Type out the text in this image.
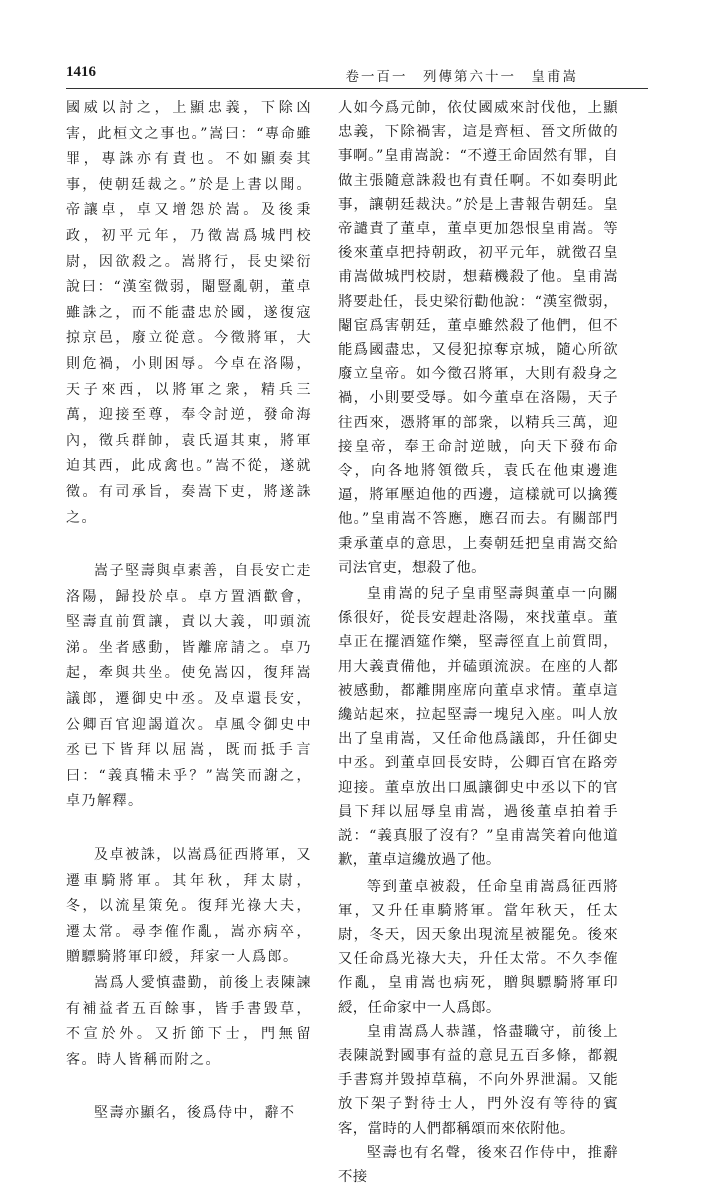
1416	卷一百一　列傳第六十一　皇甫嵩

國威以討之，上顯忠義，下除凶害，此桓文之事也。”嵩曰：“專命雖罪，專誅亦有責也。不如顯奏其事，使朝廷裁之。”於是上書以聞。帝讓卓，卓又增怨於嵩。及後秉政，初平元年，乃徵嵩爲城門校尉，因欲殺之。嵩將行，長史梁衍說曰：“漢室微弱，閹豎亂朝，董卓雖誅之，而不能盡忠於國，遂復寇掠京邑，廢立從意。今徵將軍，大則危禍，小則困辱。今卓在洛陽，天子來西，以將軍之衆，精兵三萬，迎接至尊，奉令討逆，發命海內，徵兵群帥，袁氏逼其東，將軍迫其西，此成禽也。”嵩不從，遂就徵。有司承旨，奏嵩下吏，將遂誅之。

嵩子堅壽與卓素善，自長安亡走洛陽，歸投於卓。卓方置酒歡會，堅壽直前質讓，責以大義，叩頭流涕。坐者感動，皆離席請之。卓乃起，牽與共坐。使免嵩囚，復拜嵩議郎，遷御史中丞。及卓還長安，公卿百官迎謁道次。卓風令御史中丞已下皆拜以屈嵩，既而抵手言曰：“義真犕未乎？”嵩笑而謝之，卓乃解釋。

及卓被誅，以嵩爲征西將軍，又遷車騎將軍。其年秋，拜太尉，冬，以流星策免。復拜光祿大夫，遷太常。尋李傕作亂，嵩亦病卒，贈驃騎將軍印綬，拜家一人爲郎。

嵩爲人愛慎盡勤，前後上表陳諫有補益者五百餘事，皆手書毀草，不宣於外。又折節下士，門無留客。時人皆稱而附之。

堅壽亦顯名，後爲侍中，辭不

人如今爲元帥，依仗國威來討伐他，上顯忠義，下除禍害，這是齊桓、晉文所做的事啊。”皇甫嵩說：“不遵王命固然有罪，自做主張隨意誅殺也有責任啊。不如奏明此事，讓朝廷裁決。”於是上書報告朝廷。皇帝譴責了董卓，董卓更加怨恨皇甫嵩。等後來董卓把持朝政，初平元年，就徵召皇甫嵩做城門校尉，想藉機殺了他。皇甫嵩將要赴任，長史梁衍勸他說：“漢室微弱，閹宦爲害朝廷，董卓雖然殺了他們，但不能爲國盡忠，又侵犯掠奪京城，隨心所欲廢立皇帝。如今徵召將軍，大則有殺身之禍，小則要受辱。如今董卓在洛陽，天子往西來，憑將軍的部衆，以精兵三萬，迎接皇帝，奉王命討逆賊，向天下發布命令，向各地將領徵兵，袁氏在他東邊進逼，將軍壓迫他的西邊，這樣就可以擒獲他。”皇甫嵩不答應，應召而去。有關部門秉承董卓的意思，上奏朝廷把皇甫嵩交給司法官吏，想殺了他。

皇甫嵩的兒子皇甫堅壽與董卓一向關係很好，從長安趕赴洛陽，來找董卓。董卓正在擺酒筵作樂，堅壽徑直上前質問，用大義責備他，并磕頭流淚。在座的人都被感動，都離開座席向董卓求情。董卓這纔站起來，拉起堅壽一塊兒入座。叫人放出了皇甫嵩，又任命他爲議郎，升任御史中丞。到董卓回長安時，公卿百官在路旁迎接。董卓放出口風讓御史中丞以下的官員下拜以屈辱皇甫嵩，過後董卓拍着手説：“義真服了沒有？”皇甫嵩笑着向他道歉，董卓這纔放過了他。

等到董卓被殺，任命皇甫嵩爲征西將軍，又升任車騎將軍。當年秋天，任太尉，冬天，因天象出現流星被罷免。後來又任命爲光祿大夫，升任太常。不久李傕作亂，皇甫嵩也病死，贈與驃騎將軍印綬，任命家中一人爲郎。

皇甫嵩爲人恭謹，恪盡職守，前後上表陳説對國事有益的意見五百多條，都親手書寫并毀掉草稿，不向外界泄漏。又能放下架子對待士人，門外沒有等待的賓客，當時的人們都稱頌而來依附他。

堅壽也有名聲，後來召作侍中，推辭不接
